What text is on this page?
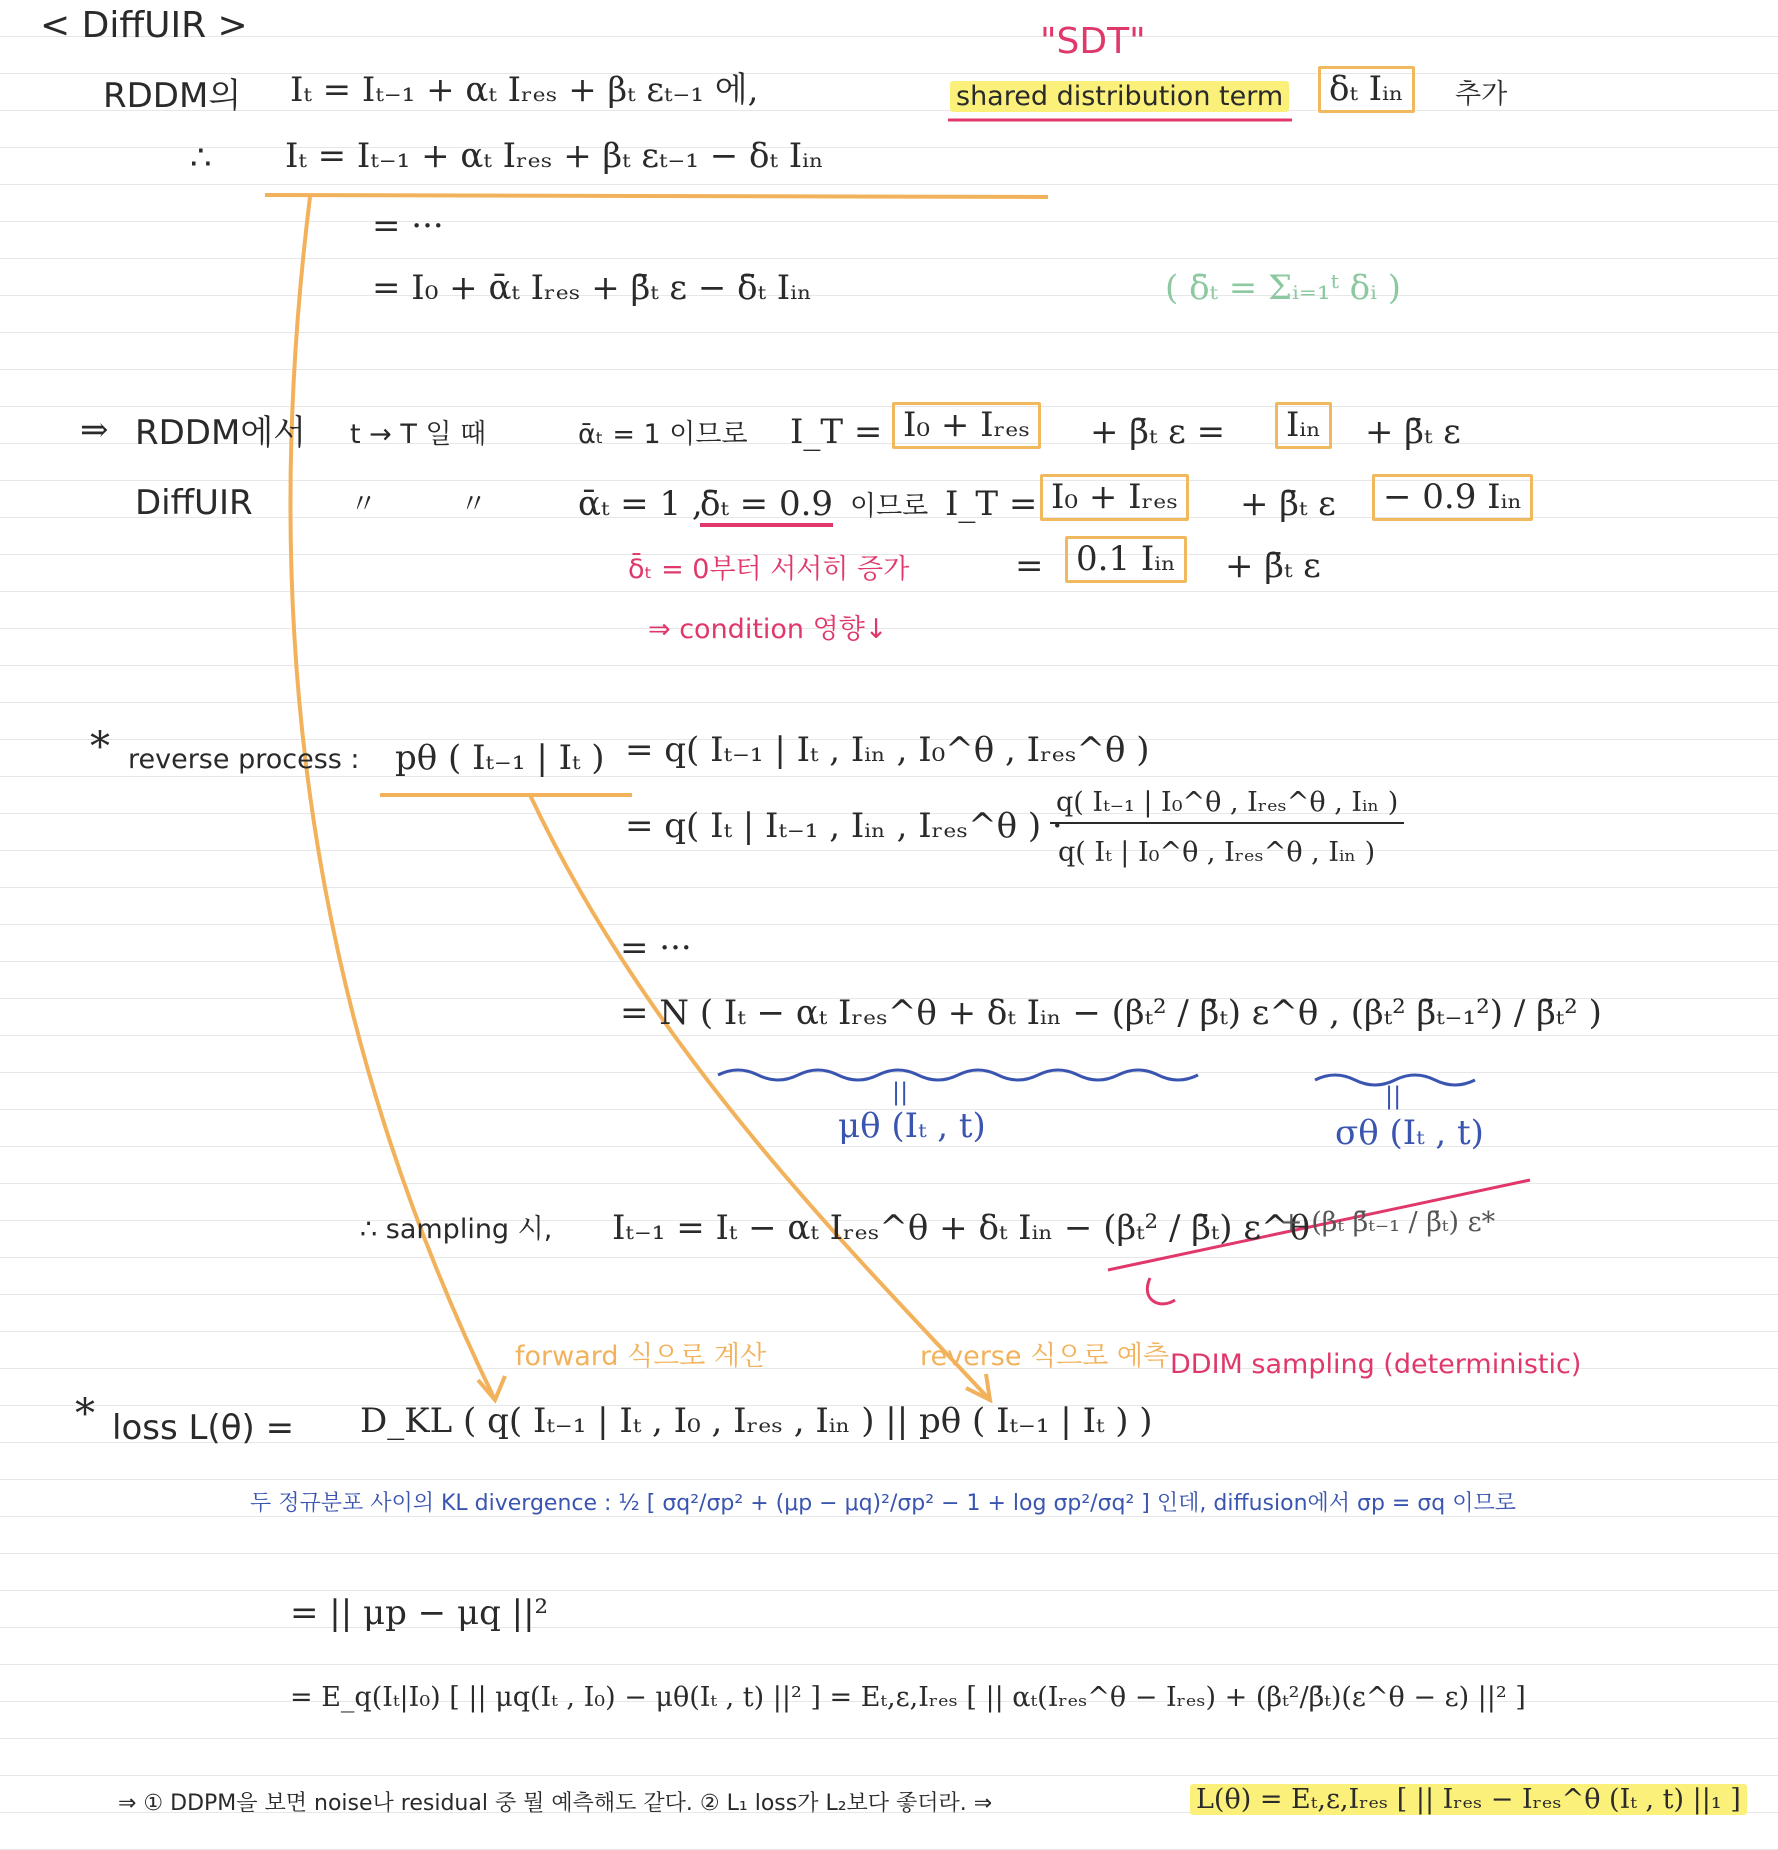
||	||
< DiffUIR >	"SDT"
RDDM의 Iₜ = Iₜ₋₁ + αₜ Iᵣₑₛ + βₜ εₜ₋₁ 에,	shared distribution term	δₜ Iᵢₙ	추가
∴ Iₜ = Iₜ₋₁ + αₜ Iᵣₑₛ + βₜ εₜ₋₁ − δₜ Iᵢₙ
= ···
= I₀ + ᾱₜ Iᵣₑₛ + β̄ₜ ε − δ̄ₜ Iᵢₙ	( δ̄ₜ = Σᵢ₌₁ᵗ δᵢ )
⇒ RDDM에서 t → T 일 때	ᾱₜ = 1 이므로 I_T = I₀ + Iᵣₑₛ	+ β̄ₜ ε =	Iᵢₙ	+ β̄ₜ ε
DiffUIR	〃	〃	ᾱₜ = 1 ,
δ̄ₜ = 0.9 이므로 I_T = I₀ + Iᵣₑₛ	+ β̄ₜ ε	− 0.9 Iᵢₙ
δ̄ₜ = 0부터 서서히 증가
⇒ condition 영향↓
= 0.1 Iᵢₙ	+ β̄ₜ ε
* reverse process : pθ ( Iₜ₋₁ | Iₜ ) = q( Iₜ₋₁ | Iₜ , Iᵢₙ , I₀^θ , Iᵣₑₛ^θ )
= q( Iₜ | Iₜ₋₁ , Iᵢₙ , Iᵣₑₛ^θ ) ·
q( Iₜ₋₁ | I₀^θ , Iᵣₑₛ^θ , Iᵢₙ )
q( Iₜ | I₀^θ , Iᵣₑₛ^θ , Iᵢₙ )
= ···
= N ( Iₜ − αₜ Iᵣₑₛ^θ + δₜ Iᵢₙ − (βₜ² / β̄ₜ) ε^θ , (βₜ² β̄ₜ₋₁²) / β̄ₜ² )
μθ (Iₜ , t)	σθ (Iₜ , t)
∴ sampling 시, Iₜ₋₁ = Iₜ − αₜ Iᵣₑₛ^θ + δₜ Iᵢₙ − (βₜ² / β̄ₜ) ε^θ
+ (βₜ β̄ₜ₋₁ / β̄ₜ) ε*
DDIM sampling (deterministic)
forward 식으로 계산	reverse 식으로 예측
* loss L(θ) = D_KL ( q( Iₜ₋₁ | Iₜ , I₀ , Iᵣₑₛ , Iᵢₙ ) || pθ ( Iₜ₋₁ | Iₜ ) )
두 정규분포 사이의 KL divergence : ½ [ σq²/σp² + (μp − μq)²/σp² − 1 + log σp²/σq² ] 인데, diffusion에서 σp = σq 이므로
= || μp − μq ||²
= E_q(Iₜ|I₀) [ || μq(Iₜ , I₀) − μθ(Iₜ , t) ||² ] = Eₜ,ε,Iᵣₑₛ [ || αₜ(Iᵣₑₛ^θ − Iᵣₑₛ) + (βₜ²/β̄ₜ)(ε^θ − ε) ||² ]
⇒ ① DDPM을 보면 noise나 residual 중 뭘 예측해도 같다. ② L₁ loss가 L₂보다 좋더라. ⇒	L(θ) = Eₜ,ε,Iᵣₑₛ [ || Iᵣₑₛ − Iᵣₑₛ^θ (Iₜ , t) ||₁ ]
